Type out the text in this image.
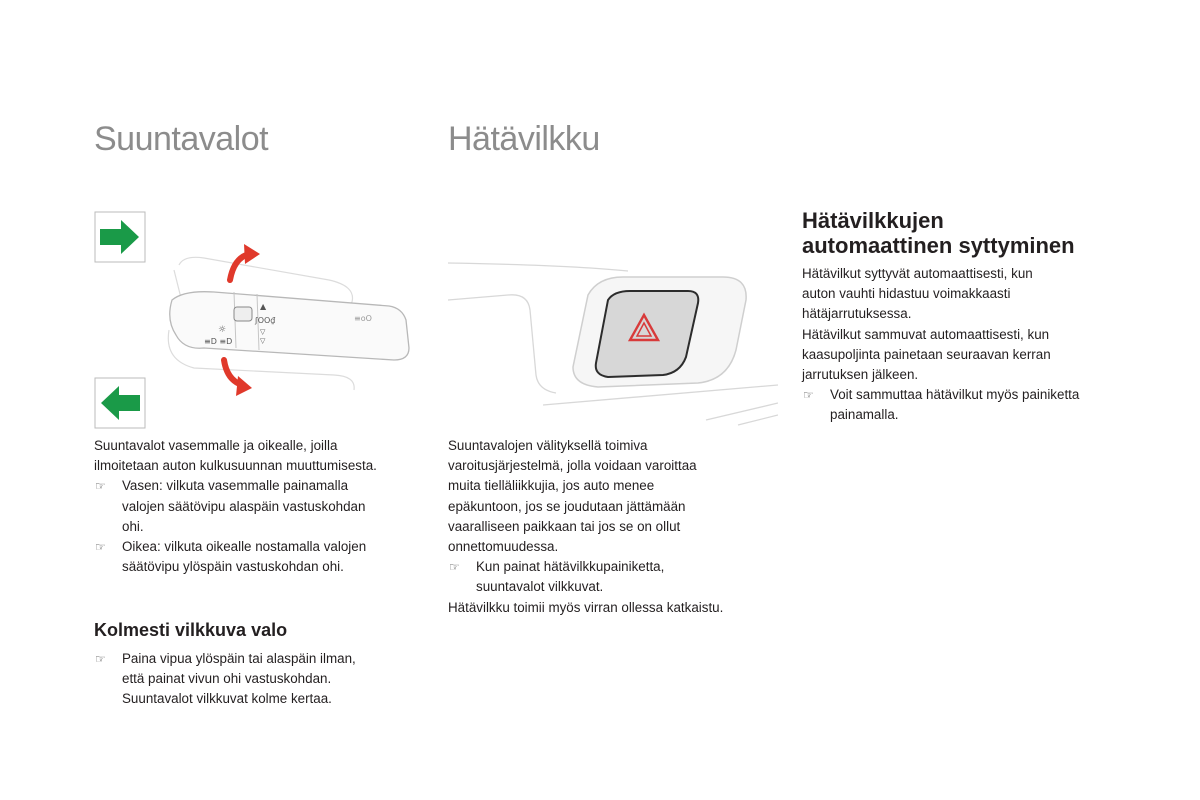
Suuntavalot
▲
ʃOO₫
▽
▽
☼
≡D ≡D
≡oO
Suuntavalot vasemmalle ja oikealle, joilla
ilmoitetaan auton kulkusuunnan muuttumisesta.
☞ Vasen: vilkuta vasemmalle painamalla
valojen säätövipu alaspäin vastuskohdan
ohi.
☞ Oikea: vilkuta oikealle nostamalla valojen
säätövipu ylöspäin vastuskohdan ohi.
Kolmesti vilkkuva valo
☞ Paina vipua ylöspäin tai alaspäin ilman,
että painat vivun ohi vastuskohdan.
Suuntavalot vilkkuvat kolme kertaa.
Hätävilkku
Suuntavalojen välityksellä toimiva
varoitusjärjestelmä, jolla voidaan varoittaa
muita tielläliikkujia, jos auto menee
epäkuntoon, jos se joudutaan jättämään
vaaralliseen paikkaan tai jos se on ollut
onnettomuudessa.
☞ Kun painat hätävilkkupainiketta,
suuntavalot vilkkuvat.
Hätävilkku toimii myös virran ollessa katkaistu.
Hätävilkkujen
automaattinen syttyminen
Hätävilkut syttyvät automaattisesti, kun
auton vauhti hidastuu voimakkaasti
hätäjarrutuksessa.
Hätävilkut sammuvat automaattisesti, kun
kaasupoljinta painetaan seuraavan kerran
jarrutuksen jälkeen.
☞ Voit sammuttaa hätävilkut myös painiketta
painamalla.
